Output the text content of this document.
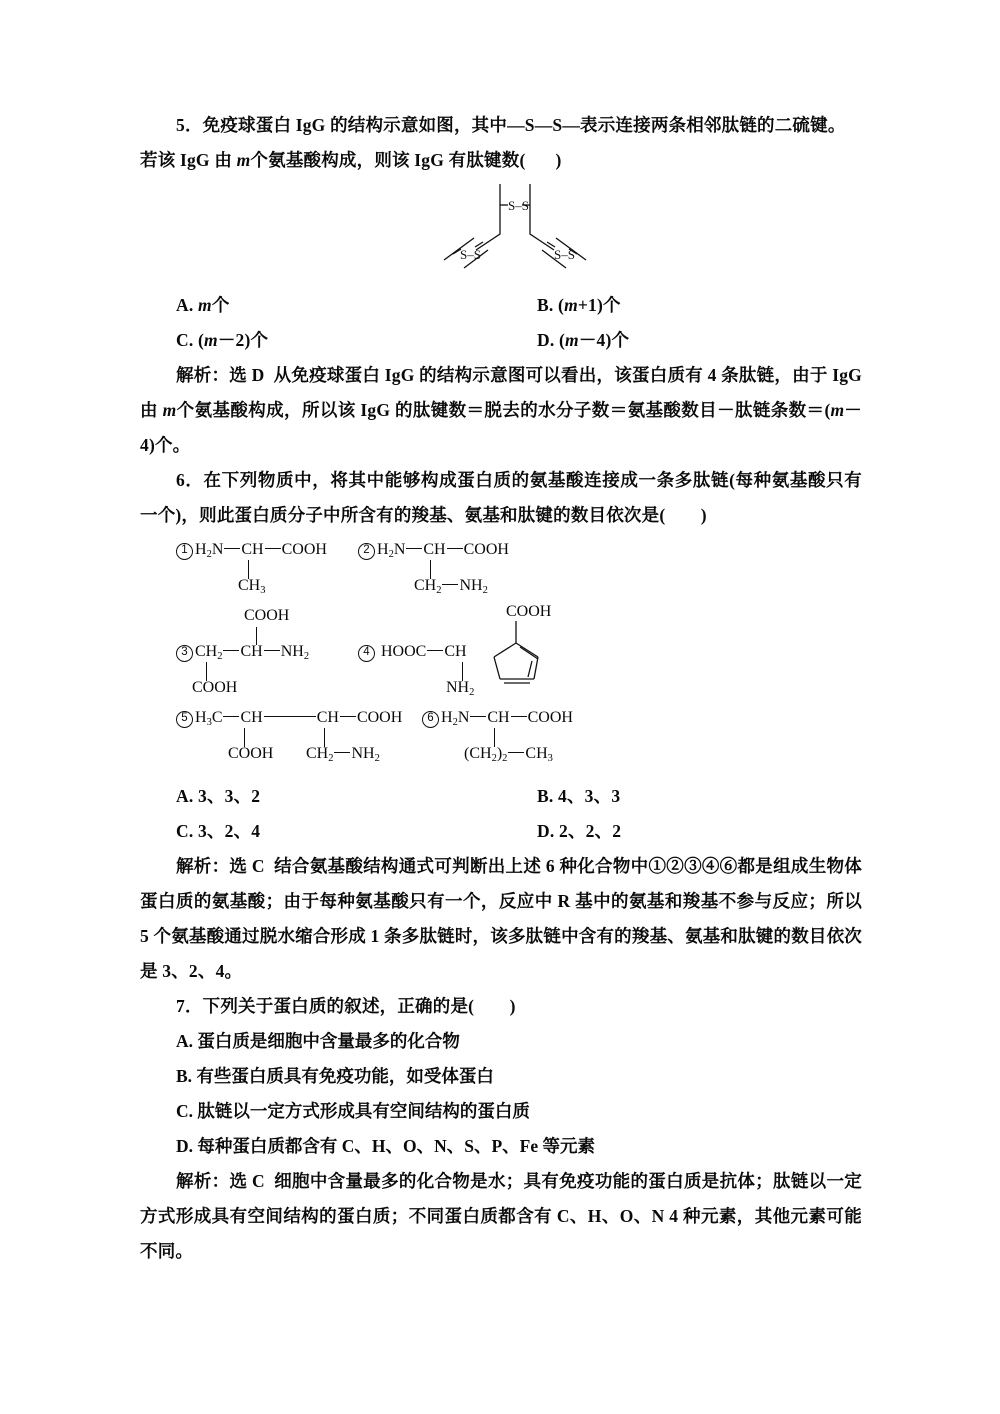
5．免疫球蛋白 IgG 的结构示意如图，其中—S—S—表示连接两条相邻肽链的二硫键。

若该 IgG 由 m个氨基酸构成，则该 IgG 有肽键数( )

S–S
S–S	S–S
A. m个	B. (m+1)个
C. (m－2)个	D. (m－4)个

解析：选 D 从免疫球蛋白 IgG 的结构示意图可以看出，该蛋白质有 4 条肽链，由于 IgG 由 m个氨基酸构成，所以该 IgG 的肽键数＝脱去的水分子数＝氨基酸数目－肽链条数＝(m－4)个。

6．在下列物质中，将其中能够构成蛋白质的氨基酸连接成一条多肽链(每种氨基酸只有一个)，则此蛋白质分子中所含有的羧基、氨基和肽键的数目依次是(　　)

1 $H_2N$ CH COOH
$CH_3$
2 $H_2N$ CH COOH
$CH_2$ $NH_2$
COOH
3 $CH_2$ CH $NH_2$
COOH
COOH
4 HOOC CH
$NH_2$
5 $H_3C$ CH	CH COOH
COOH $CH_2$ $NH_2$
6 $H_2N$ CH COOH
$(CH_2)_2$ $CH_3$
A. 3、3、2	B. 4、3、3
C. 3、2、4	D. 2、2、2

解析：选 C 结合氨基酸结构通式可判断出上述 6 种化合物中①②③④⑥都是组成生物体蛋白质的氨基酸；由于每种氨基酸只有一个，反应中 R 基中的氨基和羧基不参与反应；所以 5 个氨基酸通过脱水缩合形成 1 条多肽链时，该多肽链中含有的羧基、氨基和肽键的数目依次是 3、2、4。

7．下列关于蛋白质的叙述，正确的是(　　)

A. 蛋白质是细胞中含量最多的化合物
B. 有些蛋白质具有免疫功能，如受体蛋白
C. 肽链以一定方式形成具有空间结构的蛋白质
D. 每种蛋白质都含有 C、H、O、N、S、P、Fe 等元素

解析：选 C 细胞中含量最多的化合物是水；具有免疫功能的蛋白质是抗体；肽链以一定方式形成具有空间结构的蛋白质；不同蛋白质都含有 C、H、O、N 4 种元素，其他元素可能不同。
